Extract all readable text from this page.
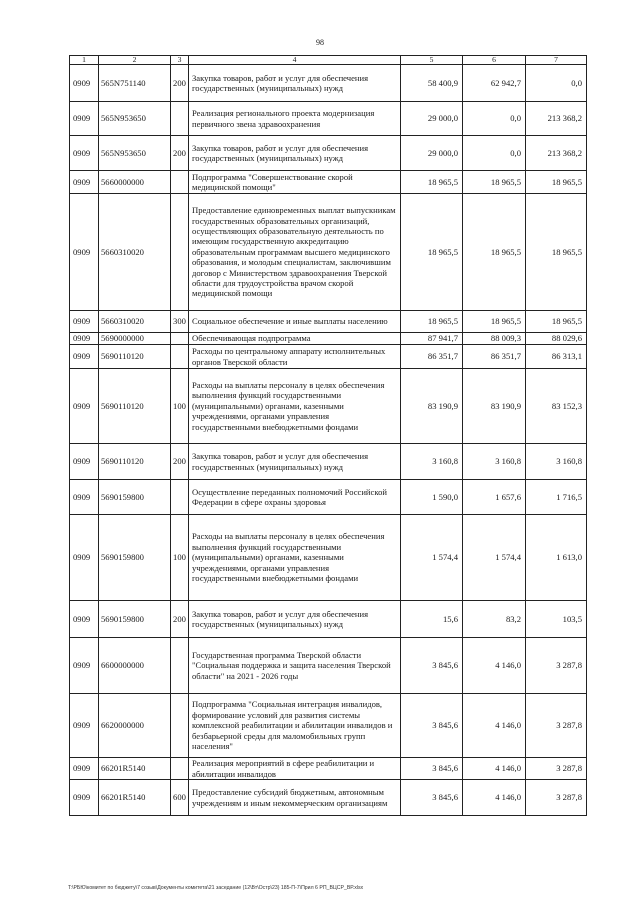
98
1	2	3	4	5	6	7
0909	565N751140	200	Закупка товаров, работ и услуг для обеспечения государственных (муниципальных) нужд	58 400,9	62 942,7	0,0
0909	565N953650		Реализация регионального проекта модернизация первичного звена здравоохранения	29 000,0	0,0	213 368,2
0909	565N953650	200	Закупка товаров, работ и услуг для обеспечения государственных (муниципальных) нужд	29 000,0	0,0	213 368,2
0909	5660000000		Подпрограмма "Совершенствование скорой медицинской помощи"	18 965,5	18 965,5	18 965,5
0909	5660310020		Предоставление единовременных выплат выпускникам государственных образовательных организаций, осуществляющих образовательную деятельность по имеющим государственную аккредитацию образовательным программам высшего медицинского образования, и молодым специалистам, заключившим договор с Министерством здравоохранения Тверской области для трудоустройства врачом скорой медицинской помощи	18 965,5	18 965,5	18 965,5
0909	5660310020	300	Социальное обеспечение и иные выплаты населению	18 965,5	18 965,5	18 965,5
0909	5690000000		Обеспечивающая подпрограмма	87 941,7	88 009,3	88 029,6
0909	5690110120		Расходы по центральному аппарату исполнительных органов Тверской области	86 351,7	86 351,7	86 313,1
0909	5690110120	100	Расходы на выплаты персоналу в целях обеспечения выполнения функций государственными (муниципальными) органами, казенными учреждениями, органами управления государственными внебюджетными фондами	83 190,9	83 190,9	83 152,3
0909	5690110120	200	Закупка товаров, работ и услуг для обеспечения государственных (муниципальных) нужд	3 160,8	3 160,8	3 160,8
0909	5690159800		Осуществление переданных полномочий Российской Федерации в сфере охраны здоровья	1 590,0	1 657,6	1 716,5
0909	5690159800	100	Расходы на выплаты персоналу в целях обеспечения выполнения функций государственными (муниципальными) органами, казенными учреждениями, органами управления государственными внебюджетными фондами	1 574,4	1 574,4	1 613,0
0909	5690159800	200	Закупка товаров, работ и услуг для обеспечения государственных (муниципальных) нужд	15,6	83,2	103,5
0909	6600000000		Государственная программа Тверской области "Социальная поддержка и защита населения Тверской области" на 2021 - 2026 годы	3 845,6	4 146,0	3 287,8
0909	6620000000		Подпрограмма "Социальная интеграция инвалидов, формирование условий для развития системы комплексной реабилитации и абилитации инвалидов и безбарьерной среды для маломобильных групп населения"	3 845,6	4 146,0	3 287,8
0909	66201R5140		Реализация мероприятий в сфере реабилитации и абилитации инвалидов	3 845,6	4 146,0	3 287,8
0909	66201R5140	600	Предоставление субсидий бюджетным, автономным учреждениям и иным некоммерческим организациям	3 845,6	4 146,0	3 287,8
T:\РБЮ\комитет по бюджету\7 созыв\Документы комитета\21 заседание (12\Вт\Остр\23) 185-П-7\Прил 6 РП_ВЦСР_ВР.xlsx
